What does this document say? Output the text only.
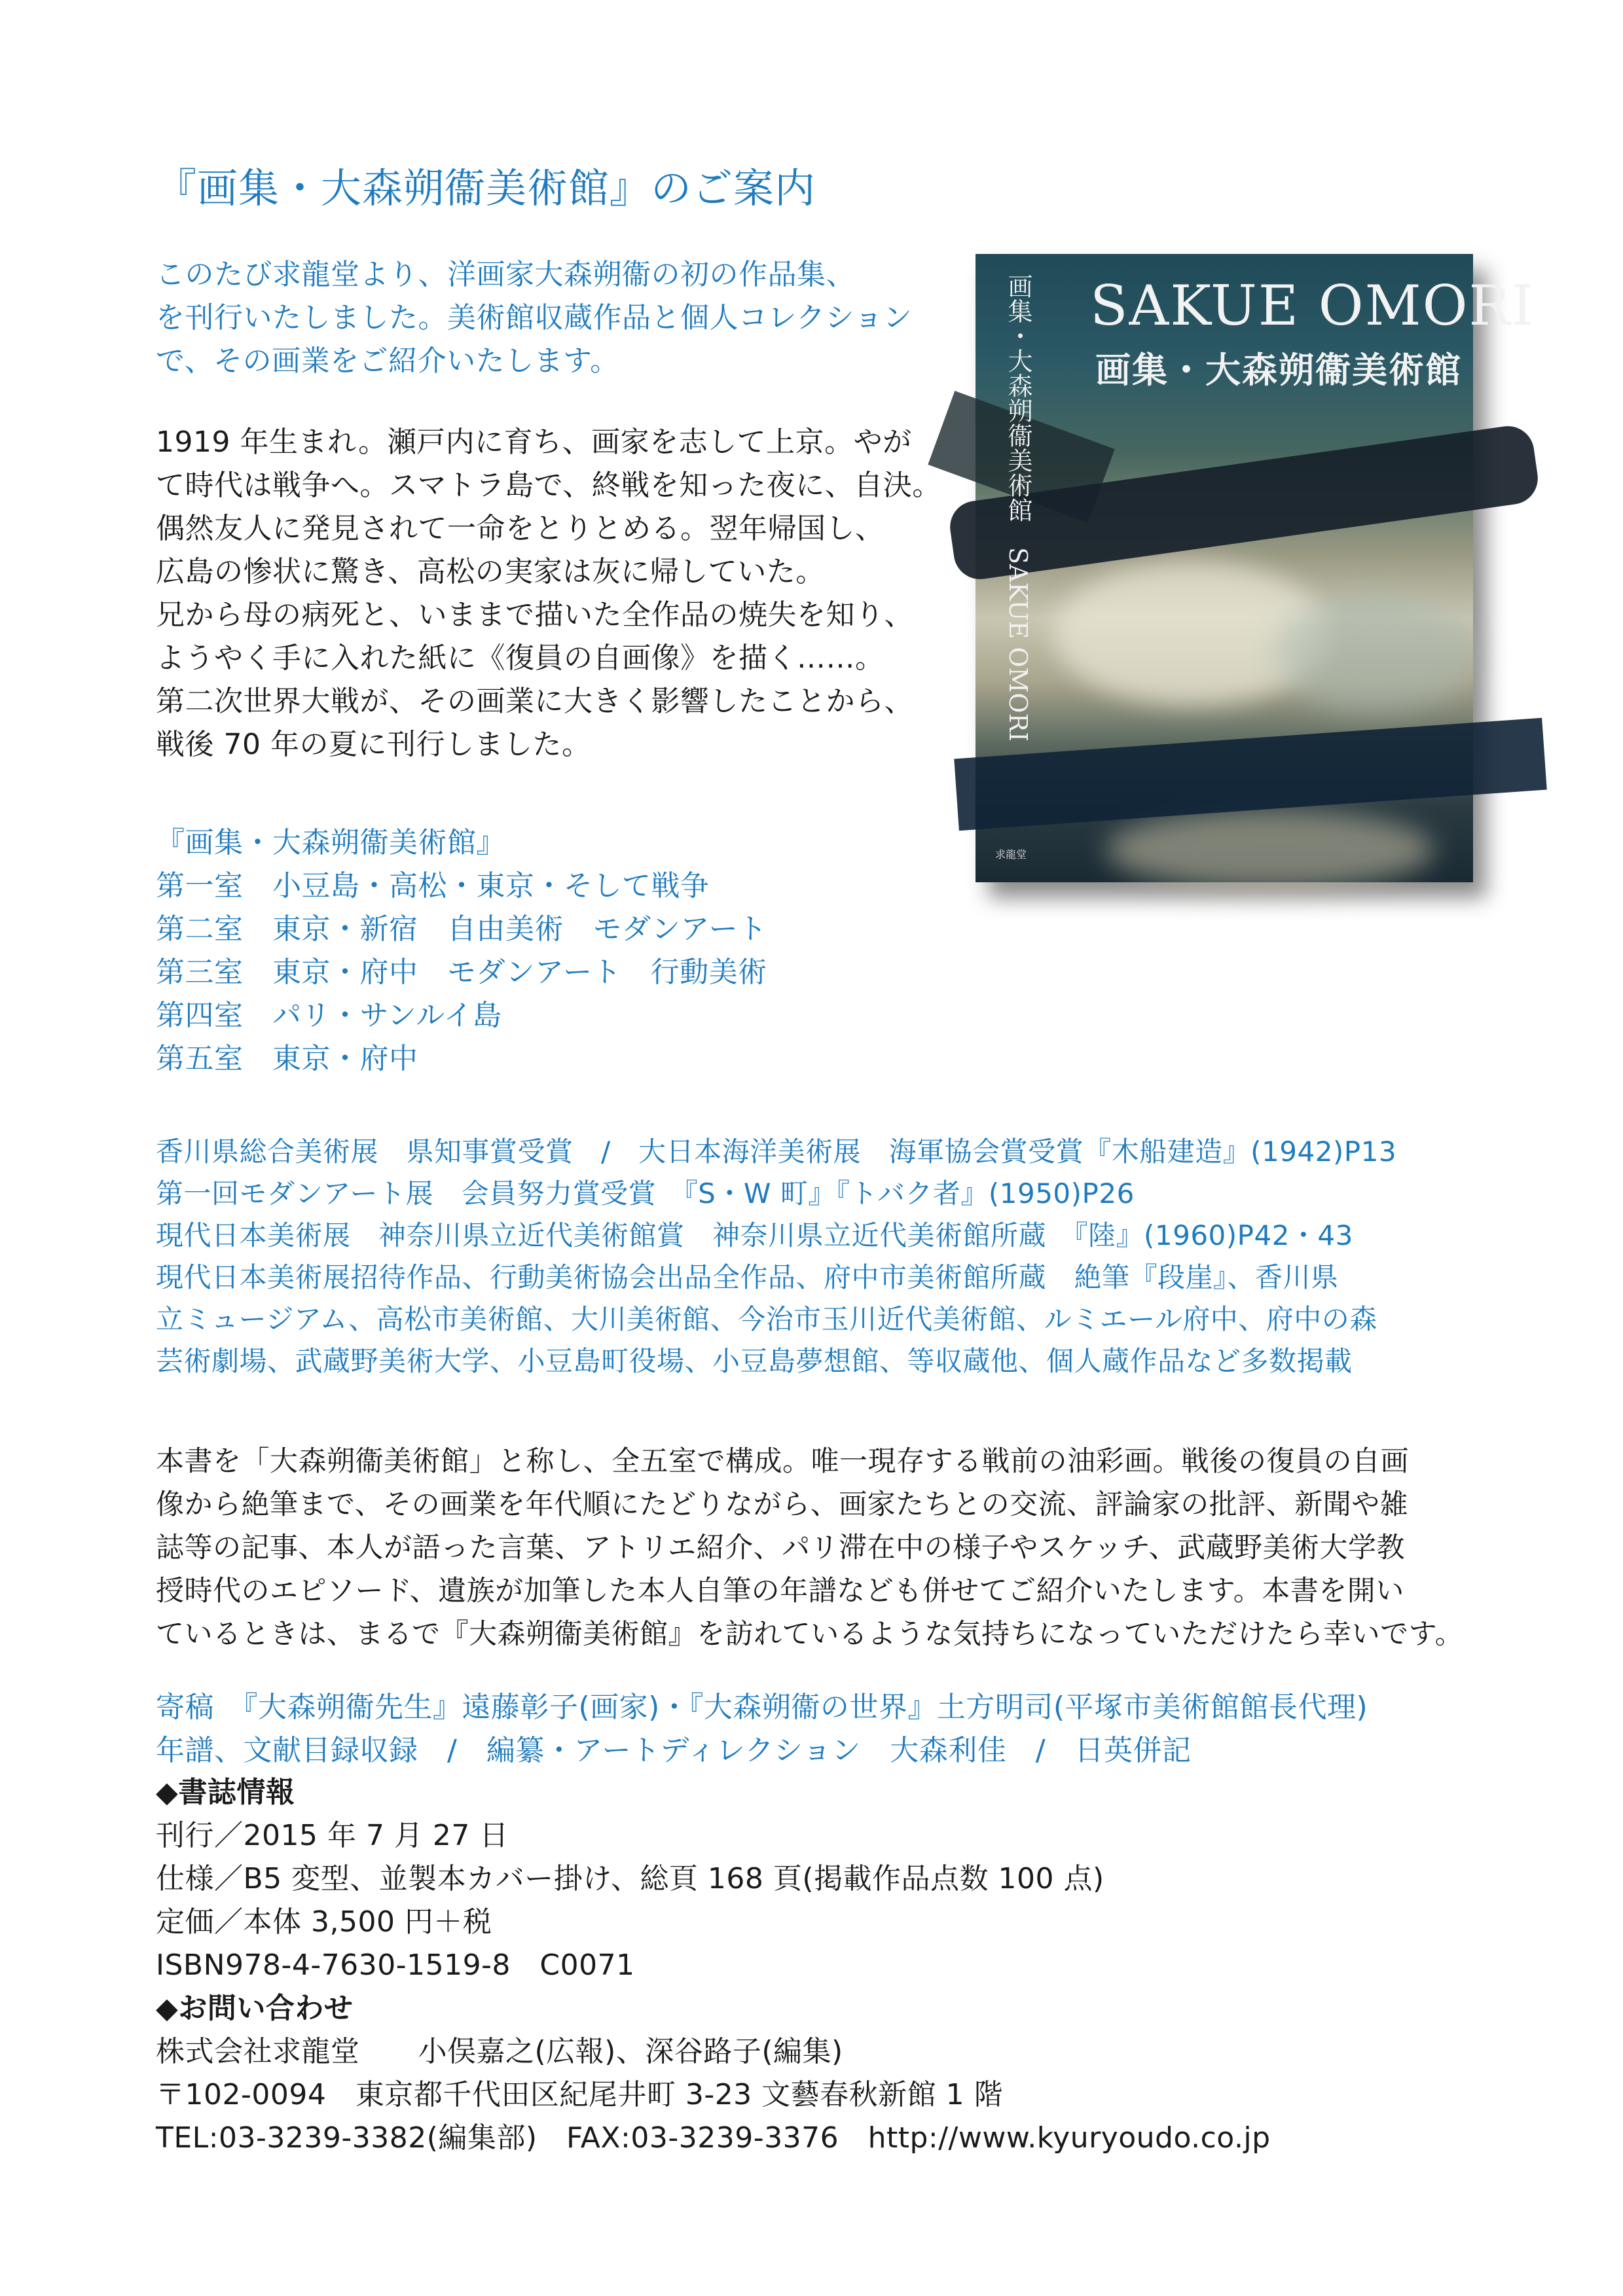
『画集・大森朔衞美術館』のご案内
このたび求龍堂より、洋画家大森朔衞の初の作品集、
を刊行いたしました。美術館収蔵作品と個人コレクション
で、その画業をご紹介いたします。
1919 年生まれ。瀬戸内に育ち、画家を志して上京。やが
て時代は戦争へ。スマトラ島で、終戦を知った夜に、自決。
偶然友人に発見されて一命をとりとめる。翌年帰国し、
広島の惨状に驚き、高松の実家は灰に帰していた。
兄から母の病死と、いままで描いた全作品の焼失を知り、
ようやく手に入れた紙に《復員の自画像》を描く……。
第二次世界大戦が、その画業に大きく影響したことから、
戦後 70 年の夏に刊行しました。
『画集・大森朔衞美術館』
第一室　小豆島・高松・東京・そして戦争
第二室　東京・新宿　自由美術　モダンアート
第三室　東京・府中　モダンアート　行動美術
第四室　パリ・サンルイ島
第五室　東京・府中
香川県総合美術展　県知事賞受賞　/　大日本海洋美術展　海軍協会賞受賞『木船建造』(1942)P13
第一回モダンアート展　会員努力賞受賞　『S・W 町』『トバク者』(1950)P26
現代日本美術展　神奈川県立近代美術館賞　神奈川県立近代美術館所蔵　『陸』(1960)P42・43
現代日本美術展招待作品、行動美術協会出品全作品、府中市美術館所蔵　絶筆『段崖』、香川県
立ミュージアム、高松市美術館、大川美術館、今治市玉川近代美術館、ルミエール府中、府中の森
芸術劇場、武蔵野美術大学、小豆島町役場、小豆島夢想館、等収蔵他、個人蔵作品など多数掲載
本書を「大森朔衞美術館」と称し、全五室で構成。唯一現存する戦前の油彩画。戦後の復員の自画
像から絶筆まで、その画業を年代順にたどりながら、画家たちとの交流、評論家の批評、新聞や雑
誌等の記事、本人が語った言葉、アトリエ紹介、パリ滞在中の様子やスケッチ、武蔵野美術大学教
授時代のエピソード、遺族が加筆した本人自筆の年譜なども併せてご紹介いたします。本書を開い
ているときは、まるで『大森朔衞美術館』を訪れているような気持ちになっていただけたら幸いです。
寄稿　『大森朔衞先生』遠藤彰子(画家)・『大森朔衞の世界』土方明司(平塚市美術館館長代理)
年譜、文献目録収録　/　編纂・アートディレクション　大森利佳　/　日英併記
◆書誌情報
刊行／2015 年 7 月 27 日
仕様／B5 変型、並製本カバー掛け、総頁 168 頁(掲載作品点数 100 点)
定価／本体 3,500 円＋税
ISBN978-4-7630-1519-8　C0071
◆お問い合わせ
株式会社求龍堂　　小俣嘉之(広報)、深谷路子(編集)
〒102-0094　東京都千代田区紀尾井町 3-23 文藝春秋新館 1 階
TEL:03-3239-3382(編集部)　FAX:03-3239-3376　http://www.kyuryoudo.co.jp
画集・大森朔衞美術館　SAKUE OMORI SAKUE OMORI
画集・大森朔衞美術館
求龍堂
